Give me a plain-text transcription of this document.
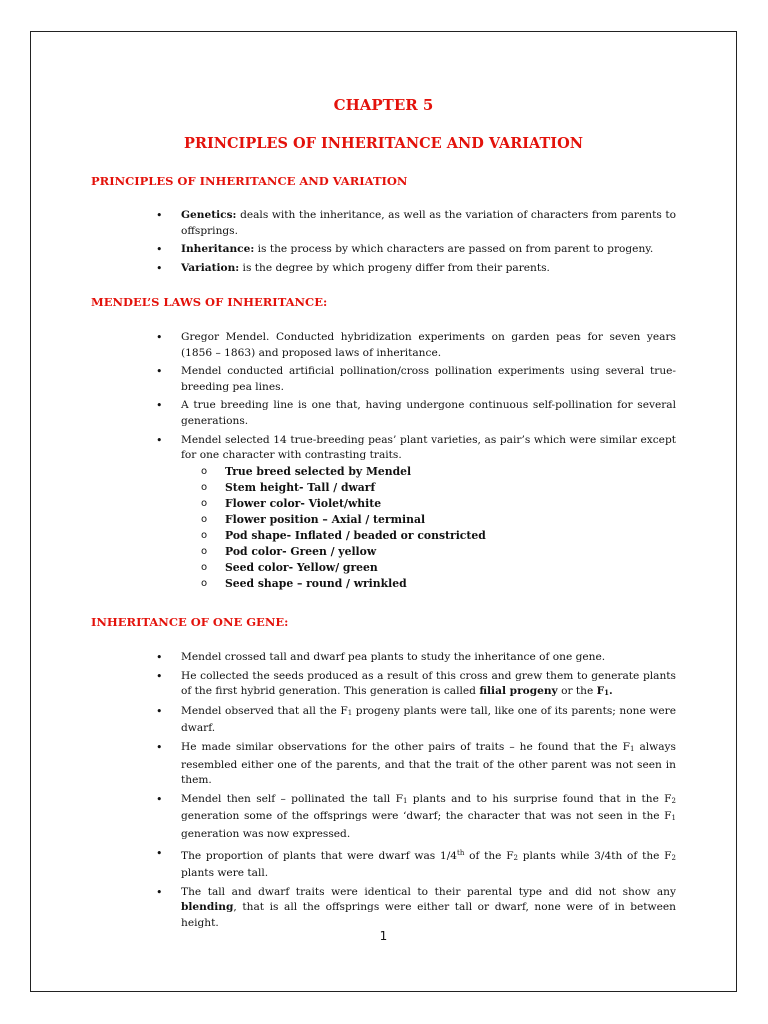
CHAPTER 5
PRINCIPLES OF INHERITANCE AND VARIATION
PRINCIPLES OF INHERITANCE AND VARIATION
• Genetics: deals with the inheritance, as well as the variation of characters from parents to offsprings.
• Inheritance: is the process by which characters are passed on from parent to progeny.
• Variation: is the degree by which progeny differ from their parents.
MENDEL’S LAWS OF INHERITANCE:
• Gregor Mendel. Conducted hybridization experiments on garden peas for seven years (1856 – 1863) and proposed laws of inheritance.
• Mendel conducted artificial pollination/cross pollination experiments using several true-breeding pea lines.
• A true breeding line is one that, having undergone continuous self-pollination for several generations.
• Mendel selected 14 true-breeding peas’ plant varieties, as pair’s which were similar except for one character with contrasting traits.
o True breed selected by Mendel
o Stem height- Tall / dwarf
o Flower color- Violet/white
o Flower position – Axial / terminal
o Pod shape- Inflated / beaded or constricted
o Pod color- Green / yellow
o Seed color- Yellow/ green
o Seed shape – round / wrinkled
INHERITANCE OF ONE GENE:
• Mendel crossed tall and dwarf pea plants to study the inheritance of one gene.
• He collected the seeds produced as a result of this cross and grew them to generate plants of the first hybrid generation. This generation is called filial progeny or the F1.
• Mendel observed that all the F1 progeny plants were tall, like one of its parents; none were dwarf.
• He made similar observations for the other pairs of traits – he found that the F1 always resembled either one of the parents, and that the trait of the other parent was not seen in them.
• Mendel then self – pollinated the tall F1 plants and to his surprise found that in the F2 generation some of the offsprings were ‘dwarf; the character that was not seen in the F1 generation was now expressed.
• The proportion of plants that were dwarf was 1/4th of the F2 plants while 3/4th of the F2 plants were tall.
• The tall and dwarf traits were identical to their parental type and did not show any blending, that is all the offsprings were either tall or dwarf, none were of in between height.
1
